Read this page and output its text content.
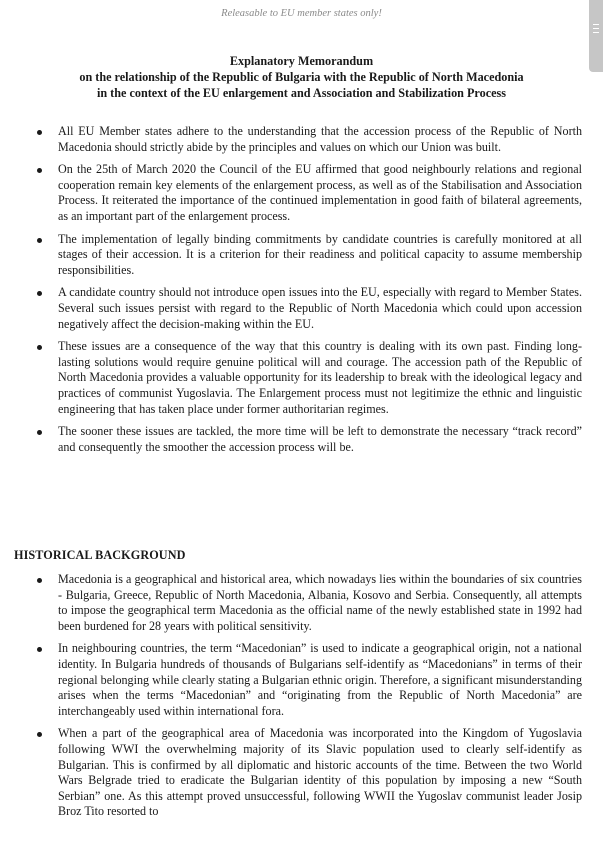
Releasable to EU member states only!
Explanatory Memorandum
on the relationship of the Republic of Bulgaria with the Republic of North Macedonia
in the context of the EU enlargement and Association and Stabilization Process

All EU Member states adhere to the understanding that the accession process of the Republic of North Macedonia should strictly abide by the principles and values on which our Union was built.

On the 25th of March 2020 the Council of the EU affirmed that good neighbourly relations and regional cooperation remain key elements of the enlargement process, as well as of the Stabilisation and Association Process. It reiterated the importance of the continued implementation in good faith of bilateral agreements, as an important part of the enlargement process.

The implementation of legally binding commitments by candidate countries is carefully monitored at all stages of their accession. It is a criterion for their readiness and political capacity to assume membership responsibilities.

A candidate country should not introduce open issues into the EU, especially with regard to Member States. Several such issues persist with regard to the Republic of North Macedonia which could upon accession negatively affect the decision-making within the EU.

These issues are a consequence of the way that this country is dealing with its own past. Finding long-lasting solutions would require genuine political will and courage. The accession path of the Republic of North Macedonia provides a valuable opportunity for its leadership to break with the ideological legacy and practices of communist Yugoslavia. The Enlargement process must not legitimize the ethnic and linguistic engineering that has taken place under former authoritarian regimes.

The sooner these issues are tackled, the more time will be left to demonstrate the necessary “track record” and consequently the smoother the accession process will be.

HISTORICAL BACKGROUND

Macedonia is a geographical and historical area, which nowadays lies within the boundaries of six countries - Bulgaria, Greece, Republic of North Macedonia, Albania, Kosovo and Serbia. Consequently, all attempts to impose the geographical term Macedonia as the official name of the newly established state in 1992 had been burdened for 28 years with political sensitivity.

In neighbouring countries, the term “Macedonian” is used to indicate a geographical origin, not a national identity. In Bulgaria hundreds of thousands of Bulgarians self-identify as “Macedonians” in terms of their regional belonging while clearly stating a Bulgarian ethnic origin. Therefore, a significant misunderstanding arises when the terms “Macedonian” and “originating from the Republic of North Macedonia” are interchangeably used within international fora.

When a part of the geographical area of Macedonia was incorporated into the Kingdom of Yugoslavia following WWI the overwhelming majority of its Slavic population used to clearly self-identify as Bulgarian. This is confirmed by all diplomatic and historic accounts of the time. Between the two World Wars Belgrade tried to eradicate the Bulgarian identity of this population by imposing a new “South Serbian” one. As this attempt proved unsuccessful, following WWII the Yugoslav communist leader Josip Broz Tito resorted to
